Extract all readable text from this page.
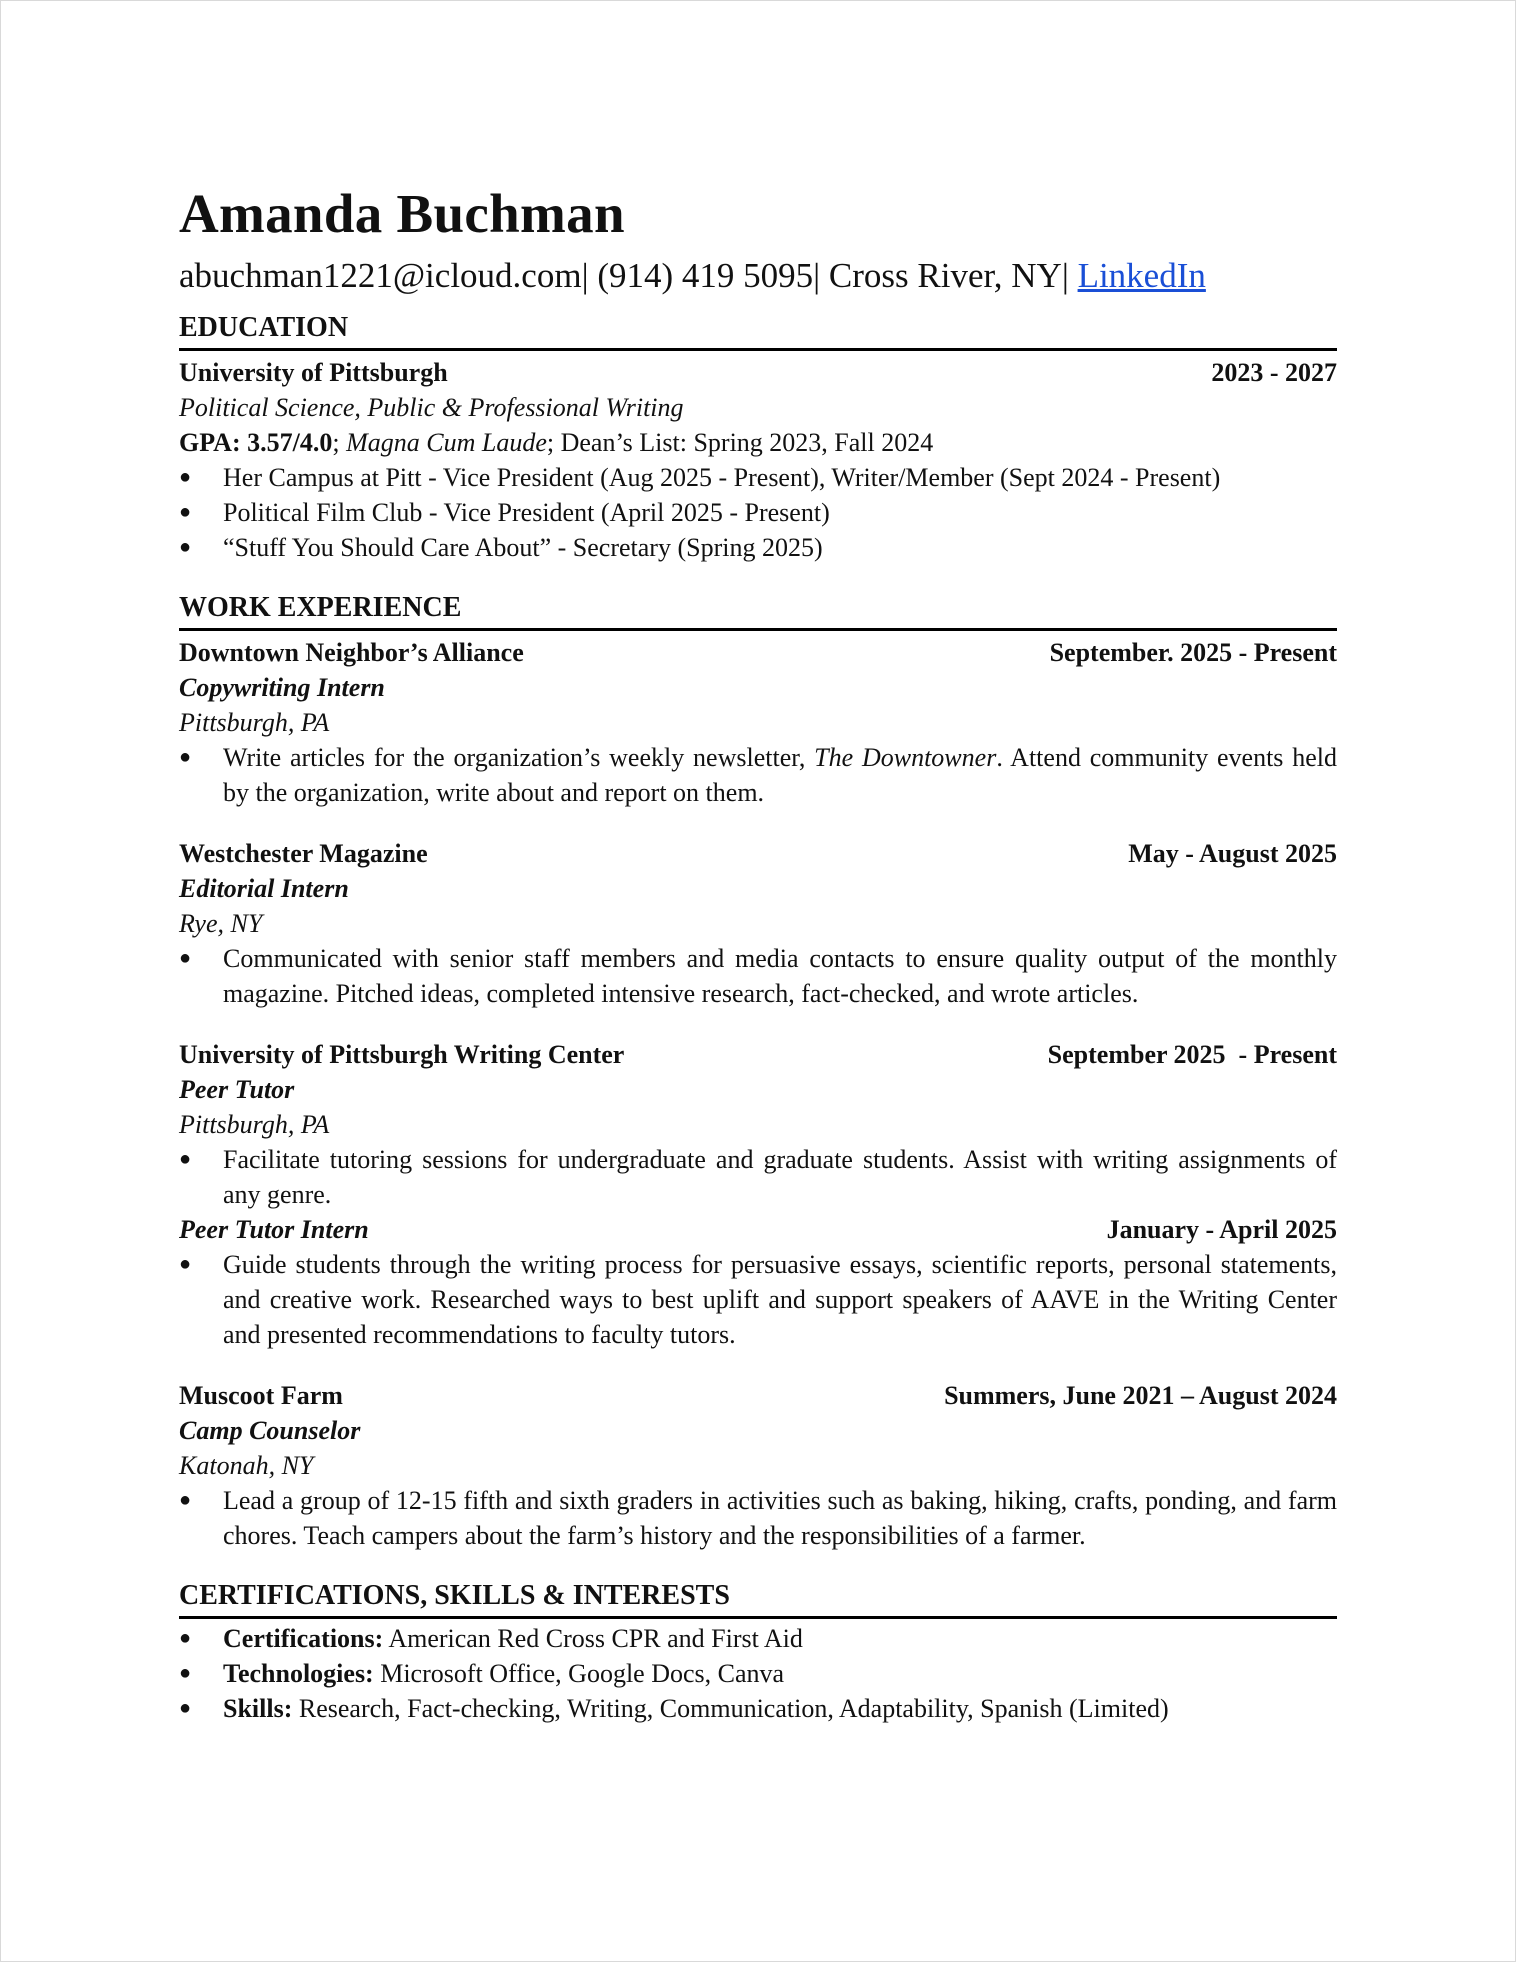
Amanda Buchman
abuchman1221@icloud.com| (914) 419 5095| Cross River, NY| LinkedIn
EDUCATION
University of Pittsburgh	2023 - 2027
Political Science, Public & Professional Writing
GPA: 3.57/4.0; Magna Cum Laude; Dean’s List: Spring 2023, Fall 2024
● Her Campus at Pitt - Vice President (Aug 2025 - Present), Writer/Member (Sept 2024 - Present)
● Political Film Club - Vice President (April 2025 - Present)
● “Stuff You Should Care About” - Secretary (Spring 2025)
WORK EXPERIENCE
Downtown Neighbor’s Alliance	September. 2025 - Present
Copywriting Intern
Pittsburgh, PA
● Write articles for the organization’s weekly newsletter, The Downtowner. Attend community events held by the organization, write about and report on them.
Westchester Magazine	May - August 2025
Editorial Intern
Rye, NY
● Communicated with senior staff members and media contacts to ensure quality output of the monthly magazine. Pitched ideas, completed intensive research, fact-checked, and wrote articles.
University of Pittsburgh Writing Center	September 2025  - Present
Peer Tutor
Pittsburgh, PA
● Facilitate tutoring sessions for undergraduate and graduate students. Assist with writing assignments of any genre.
Peer Tutor Intern	January - April 2025
● Guide students through the writing process for persuasive essays, scientific reports, personal statements, and creative work. Researched ways to best uplift and support speakers of AAVE in the Writing Center and presented recommendations to faculty tutors.
Muscoot Farm	Summers, June 2021 – August 2024
Camp Counselor
Katonah, NY
● Lead a group of 12-15 fifth and sixth graders in activities such as baking, hiking, crafts, ponding, and farm chores. Teach campers about the farm’s history and the responsibilities of a farmer.
CERTIFICATIONS, SKILLS & INTERESTS
● Certifications: American Red Cross CPR and First Aid
● Technologies: Microsoft Office, Google Docs, Canva
● Skills: Research, Fact-checking, Writing, Communication, Adaptability, Spanish (Limited)
